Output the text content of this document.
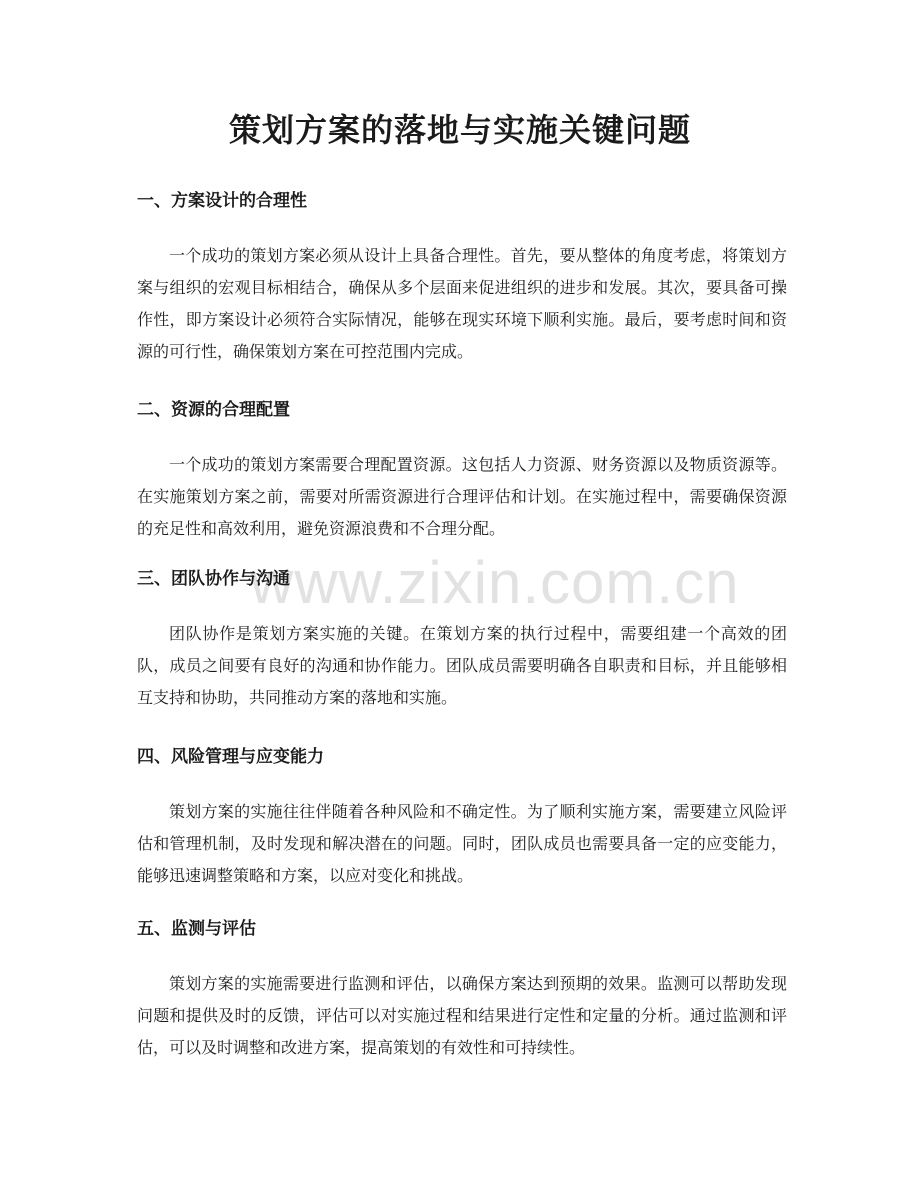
策划方案的落地与实施关键问题
www.zixin.com.cn
一、方案设计的合理性

一个成功的策划方案必须从设计上具备合理性。首先，要从整体的角度考虑，将策划方案与组织的宏观目标相结合，确保从多个层面来促进组织的进步和发展。其次，要具备可操作性，即方案设计必须符合实际情况，能够在现实环境下顺利实施。最后，要考虑时间和资源的可行性，确保策划方案在可控范围内完成。

二、资源的合理配置

一个成功的策划方案需要合理配置资源。这包括人力资源、财务资源以及物质资源等。在实施策划方案之前，需要对所需资源进行合理评估和计划。在实施过程中，需要确保资源的充足性和高效利用，避免资源浪费和不合理分配。

三、团队协作与沟通

团队协作是策划方案实施的关键。在策划方案的执行过程中，需要组建一个高效的团队，成员之间要有良好的沟通和协作能力。团队成员需要明确各自职责和目标，并且能够相互支持和协助，共同推动方案的落地和实施。

四、风险管理与应变能力

策划方案的实施往往伴随着各种风险和不确定性。为了顺利实施方案，需要建立风险评估和管理机制，及时发现和解决潜在的问题。同时，团队成员也需要具备一定的应变能力，能够迅速调整策略和方案，以应对变化和挑战。

五、监测与评估

策划方案的实施需要进行监测和评估，以确保方案达到预期的效果。监测可以帮助发现问题和提供及时的反馈，评估可以对实施过程和结果进行定性和定量的分析。通过监测和评估，可以及时调整和改进方案，提高策划的有效性和可持续性。
